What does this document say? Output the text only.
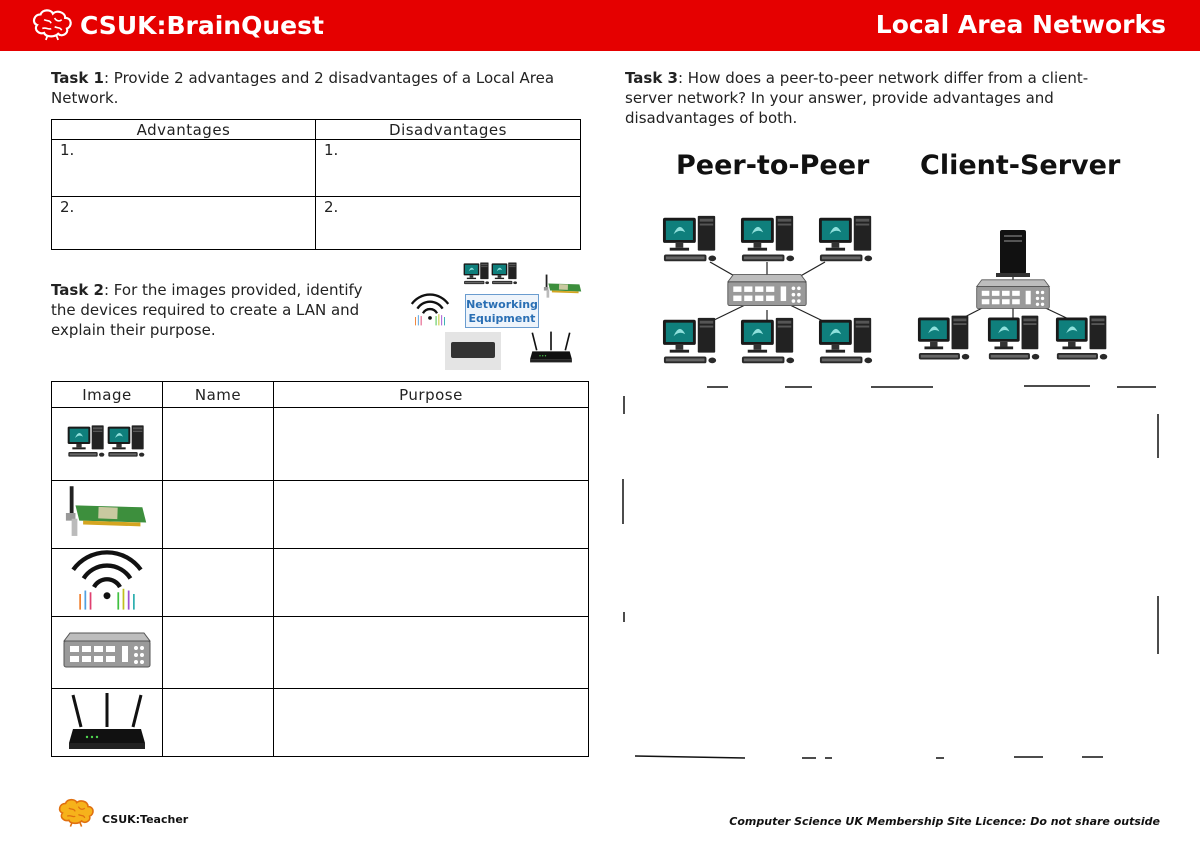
CSUK:BrainQuest	Local Area Networks
Task 1: Provide 2 advantages and 2 disadvantages of a Local Area Network.
Advantages	Disadvantages
1.	1.
2.	2.
Task 2: For the images provided, identify the devices required to create a LAN and explain their purpose.
Networking
Equipment
Image	Name	Purpose

Task 3: How does a peer-to-peer network differ from a client-server network? In your answer, provide advantages and disadvantages of both.
Peer-to-Peer Client-Server
CSUK:Teacher	Computer Science UK Membership Site Licence: Do not share outside
